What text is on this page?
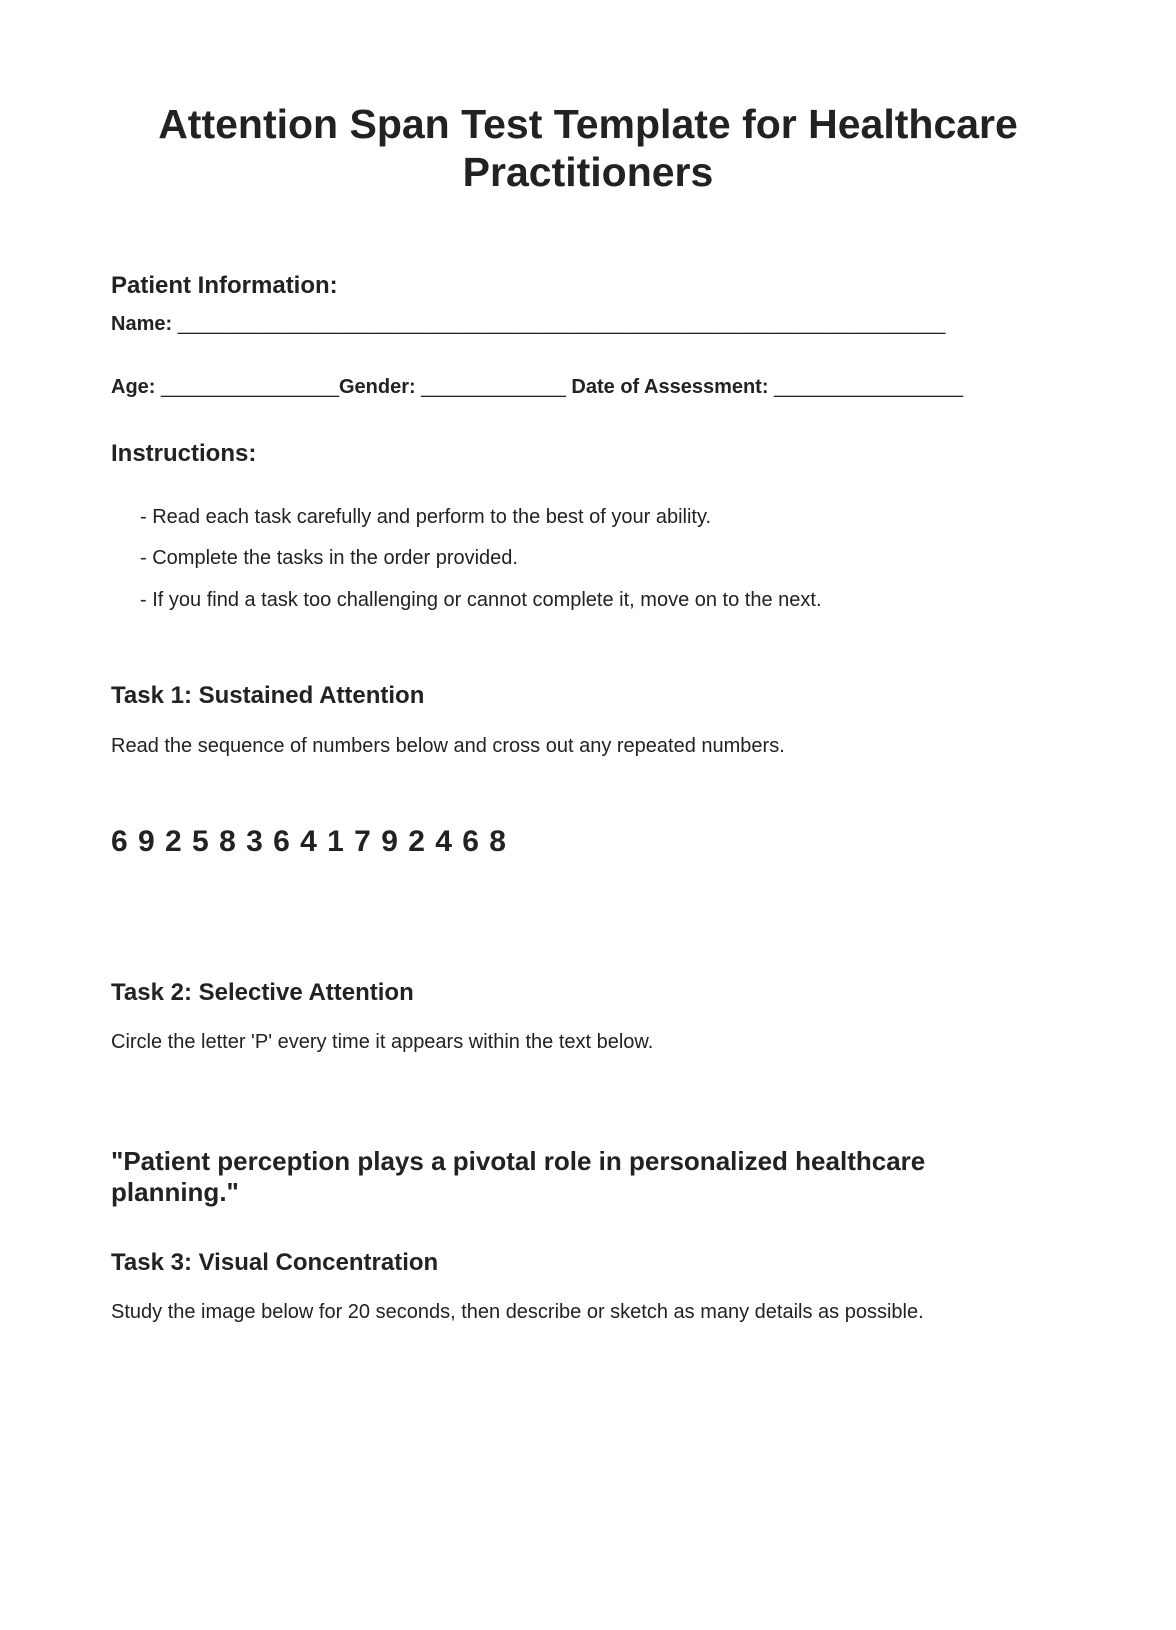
Attention Span Test Template for Healthcare Practitioners
Patient Information:
Name: _____________________________________________________________________
Age: ________________Gender: _____________ Date of Assessment: _________________
Instructions:
- Read each task carefully and perform to the best of your ability.
- Complete the tasks in the order provided.
- If you find a task too challenging or cannot complete it, move on to the next.
Task 1: Sustained Attention
Read the sequence of numbers below and cross out any repeated numbers.
6 9 2 5 8 3 6 4 1 7 9 2 4 6 8
Task 2: Selective Attention
Circle the letter 'P' every time it appears within the text below.
"Patient perception plays a pivotal role in personalized healthcare planning."
Task 3: Visual Concentration
Study the image below for 20 seconds, then describe or sketch as many details as possible.
